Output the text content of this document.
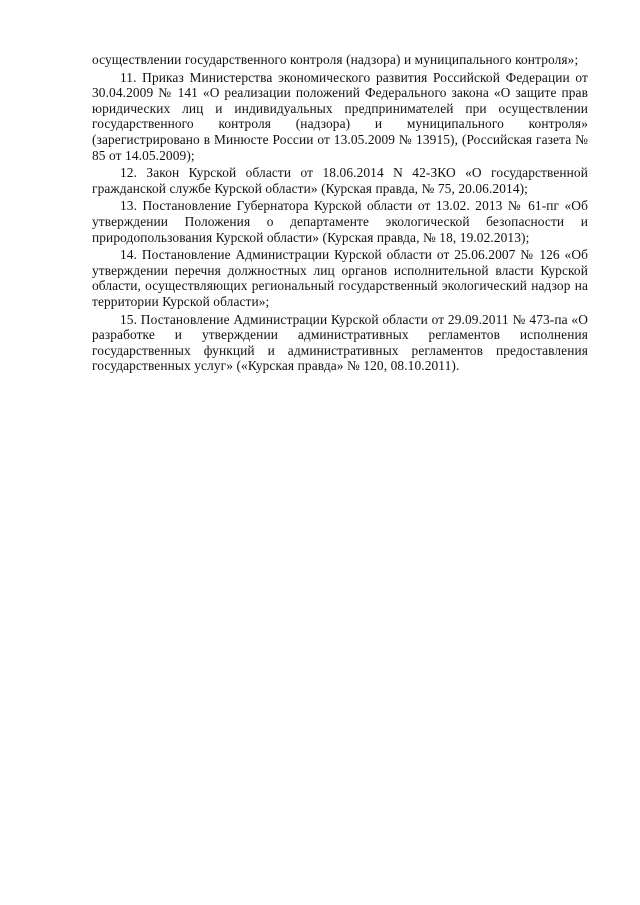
осуществлении государственного контроля (надзора) и муниципального контроля»;

11. Приказ Министерства экономического развития Российской Федерации от 30.04.2009 № 141 «О реализации положений Федерального закона «О защите прав юридических лиц и индивидуальных предпринимателей при осуществлении государственного контроля (надзора) и муниципального контроля» (зарегистрировано в Минюсте России от 13.05.2009 № 13915), (Российская газета № 85 от 14.05.2009);

12. Закон Курской области от 18.06.2014 N 42-ЗКО «О государственной гражданской службе Курской области» (Курская правда, № 75, 20.06.2014);

13. Постановление Губернатора Курской области от 13.02. 2013 № 61-пг «Об утверждении Положения о департаменте экологической безопасности и природопользования Курской области» (Курская правда, № 18, 19.02.2013);

14. Постановление Администрации Курской области от 25.06.2007 № 126 «Об утверждении перечня должностных лиц органов исполнительной власти Курской области, осуществляющих региональный государственный экологический надзор на территории Курской области»;

15. Постановление Администрации Курской области от 29.09.2011 № 473-па «О разработке и утверждении административных регламентов исполнения государственных функций и административных регламентов предоставления государственных услуг» («Курская правда» № 120, 08.10.2011).
